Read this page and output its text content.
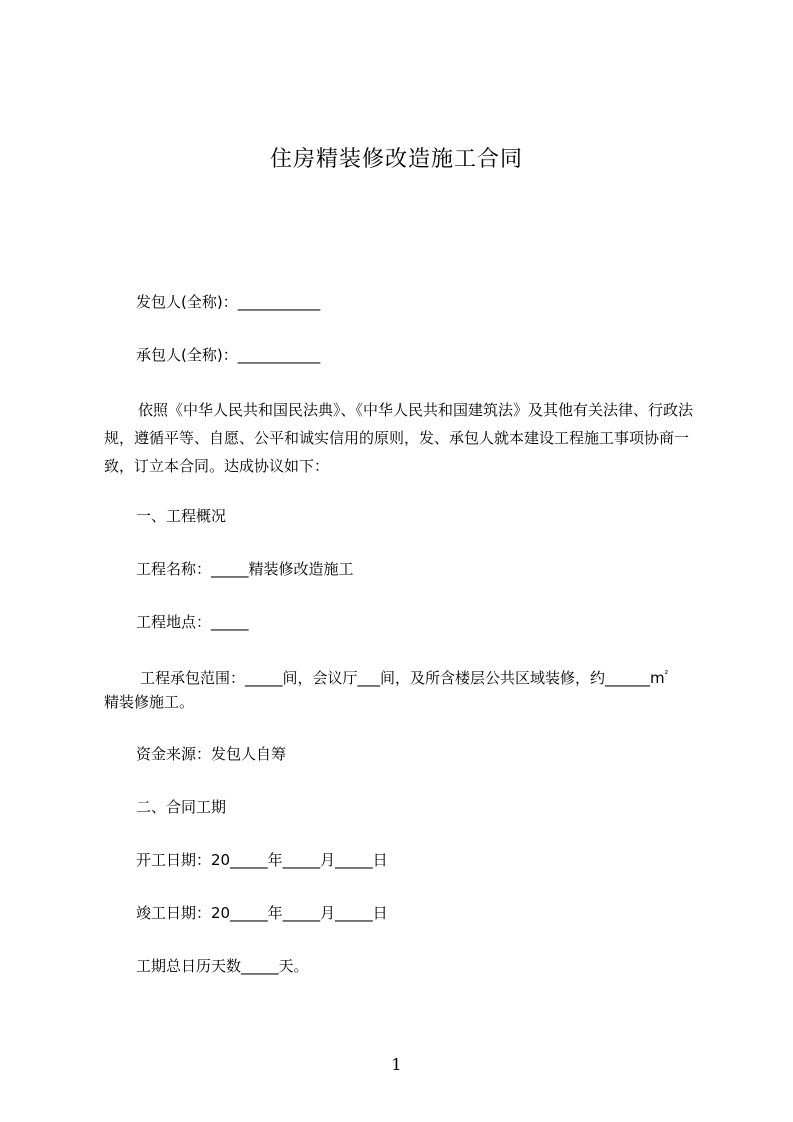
住房精装修改造施工合同
发包人(全称)：___________
承包人(全称)：___________
依照《中华人民共和国民法典》、《中华人民共和国建筑法》及其他有关法律、行政法规，遵循平等、自愿、公平和诚实信用的原则，发、承包人就本建设工程施工事项协商一致，订立本合同。达成协议如下：
一、工程概况
工程名称：_____精装修改造施工
工程地点：_____
工程承包范围：_____间，会议厅___间，及所含楼层公共区域装修，约$\_\_\_\_\_\_m^{^2}$
精装修施工。
资金来源：发包人自筹
二、合同工期
开工日期：20_____年_____月_____日
竣工日期：20_____年_____月_____日
工期总日历天数_____天。
1
